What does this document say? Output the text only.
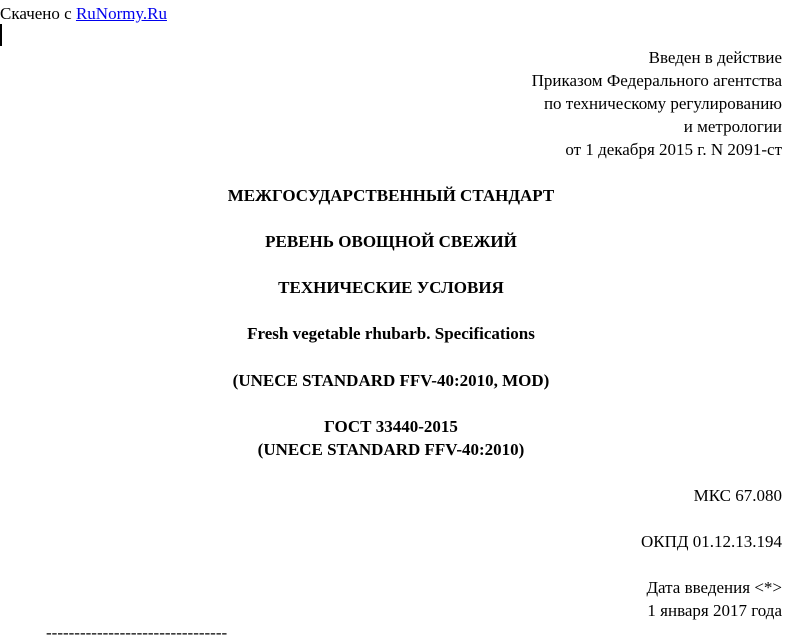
Скачено с RuNormy.Ru
Введен в действие
Приказом Федерального агентства
по техническому регулированию
и метрологии
от 1 декабря 2015 г. N 2091-ст
МЕЖГОСУДАРСТВЕННЫЙ СТАНДАРТ
РЕВЕНЬ ОВОЩНОЙ СВЕЖИЙ
ТЕХНИЧЕСКИЕ УСЛОВИЯ
Fresh vegetable rhubarb. Specifications
(UNECE STANDARD FFV-40:2010, MOD)
ГОСТ 33440-2015
(UNECE STANDARD FFV-40:2010)
МКС 67.080
ОКПД 01.12.13.194
Дата введения <*>
1 января 2017 года
--------------------------------
